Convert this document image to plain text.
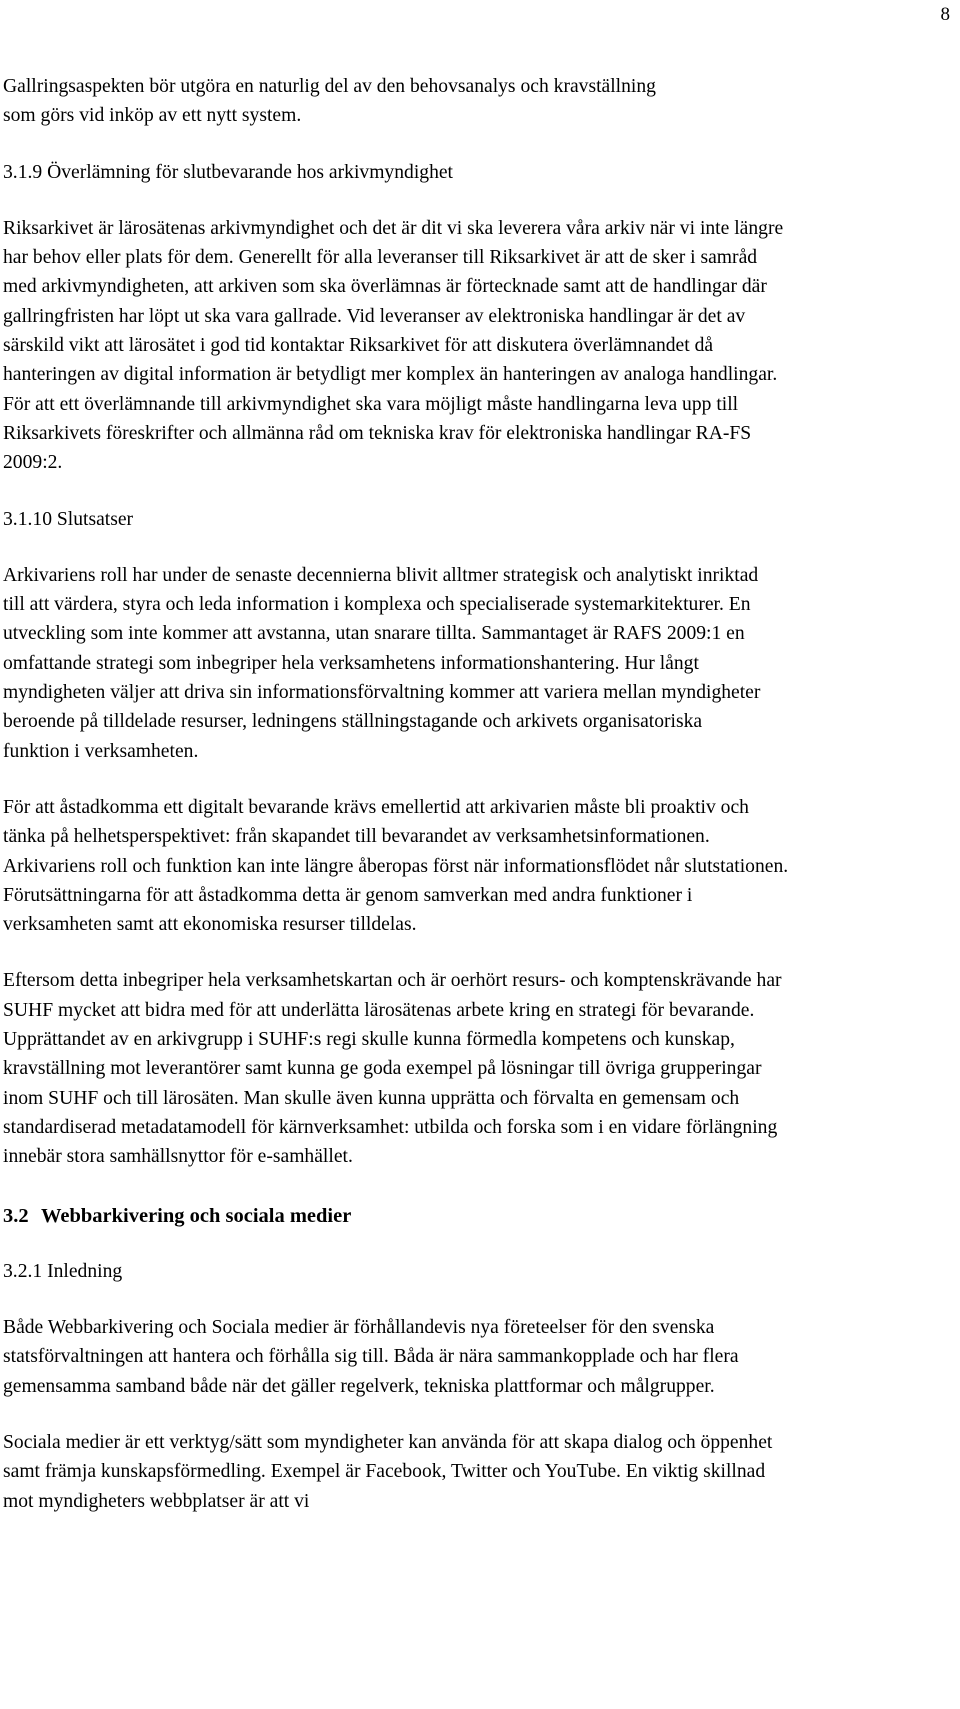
8

Gallringsaspekten bör utgöra en naturlig del av den behovsanalys och kravställning som görs vid inköp av ett nytt system.

3.1.9 Överlämning för slutbevarande hos arkivmyndighet

Riksarkivet är lärosätenas arkivmyndighet och det är dit vi ska leverera våra arkiv när vi inte längre har behov eller plats för dem. Generellt för alla leveranser till Riksarkivet är att de sker i samråd med arkivmyndigheten, att arkiven som ska överlämnas är förtecknade samt att de handlingar där gallringfristen har löpt ut ska vara gallrade. Vid leveranser av elektroniska handlingar är det av särskild vikt att lärosätet i god tid kontaktar Riksarkivet för att diskutera överlämnandet då hanteringen av digital information är betydligt mer komplex än hanteringen av analoga handlingar. För att ett överlämnande till arkivmyndighet ska vara möjligt måste handlingarna leva upp till Riksarkivets föreskrifter och allmänna råd om tekniska krav för elektroniska handlingar RA-FS 2009:2.

3.1.10 Slutsatser

Arkivariens roll har under de senaste decennierna blivit alltmer strategisk och analytiskt inriktad till att värdera, styra och leda information i komplexa och specialiserade systemarkitekturer. En utveckling som inte kommer att avstanna, utan snarare tillta. Sammantaget är RAFS 2009:1 en omfattande strategi som inbegriper hela verksamhetens informationshantering. Hur långt myndigheten väljer att driva sin informationsförvaltning kommer att variera mellan myndigheter beroende på tilldelade resurser, ledningens ställningstagande och arkivets organisatoriska funktion i verksamheten.

För att åstadkomma ett digitalt bevarande krävs emellertid att arkivarien måste bli proaktiv och tänka på helhetsperspektivet: från skapandet till bevarandet av verksamhetsinformationen. Arkivariens roll och funktion kan inte längre åberopas först när informationsflödet når slutstationen. Förutsättningarna för att åstadkomma detta är genom samverkan med andra funktioner i verksamheten samt att ekonomiska resurser tilldelas.

Eftersom detta inbegriper hela verksamhetskartan och är oerhört resurs- och komptenskrävande har SUHF mycket att bidra med för att underlätta lärosätenas arbete kring en strategi för bevarande. Upprättandet av en arkivgrupp i SUHF:s regi skulle kunna förmedla kompetens och kunskap, kravställning mot leverantörer samt kunna ge goda exempel på lösningar till övriga grupperingar inom SUHF och till lärosäten. Man skulle även kunna upprätta och förvalta en gemensam och standardiserad metadatamodell för kärnverksamhet: utbilda och forska som i en vidare förlängning innebär stora samhällsnyttor för e-samhället.

3.2 Webbarkivering och sociala medier

3.2.1 Inledning

Både Webbarkivering och Sociala medier är förhållandevis nya företeelser för den svenska statsförvaltningen att hantera och förhålla sig till. Båda är nära sammankopplade och har flera gemensamma samband både när det gäller regelverk, tekniska plattformar och målgrupper.

Sociala medier är ett verktyg/sätt som myndigheter kan använda för att skapa dialog och öppenhet samt främja kunskapsförmedling. Exempel är Facebook, Twitter och YouTube. En viktig skillnad mot myndigheters webbplatser är att vi
